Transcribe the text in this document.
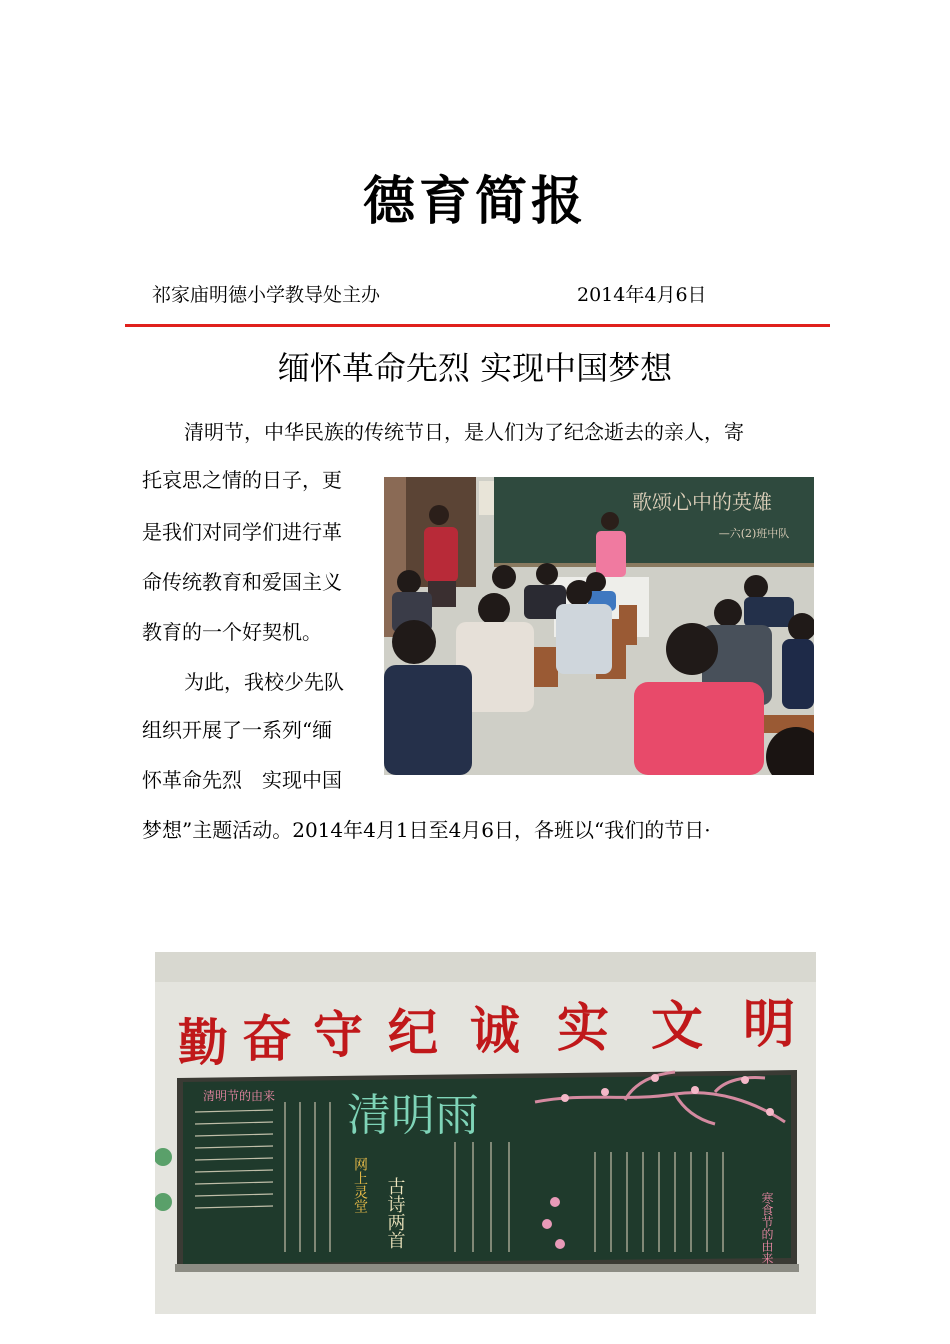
德育简报
祁家庙明德小学教导处主办	2014年4月6日
缅怀革命先烈 实现中国梦想
清明节，中华民族的传统节日，是人们为了纪念逝去的亲人，寄
托哀思之情的日子，更
是我们对同学们进行革
命传统教育和爱国主义
教育的一个好契机。
为此，我校少先队
组织开展了一系列“缅
怀革命先烈　实现中国
梦想”主题活动。2014年4月1日至4月6日，各班以“我们的节日·
歌颂心中的英雄
—六(2)班中队
勤 奋 守 纪 诚 实 文 明
清明节的由来 清明雨
网上灵堂 古诗两首	寒食节的由来
